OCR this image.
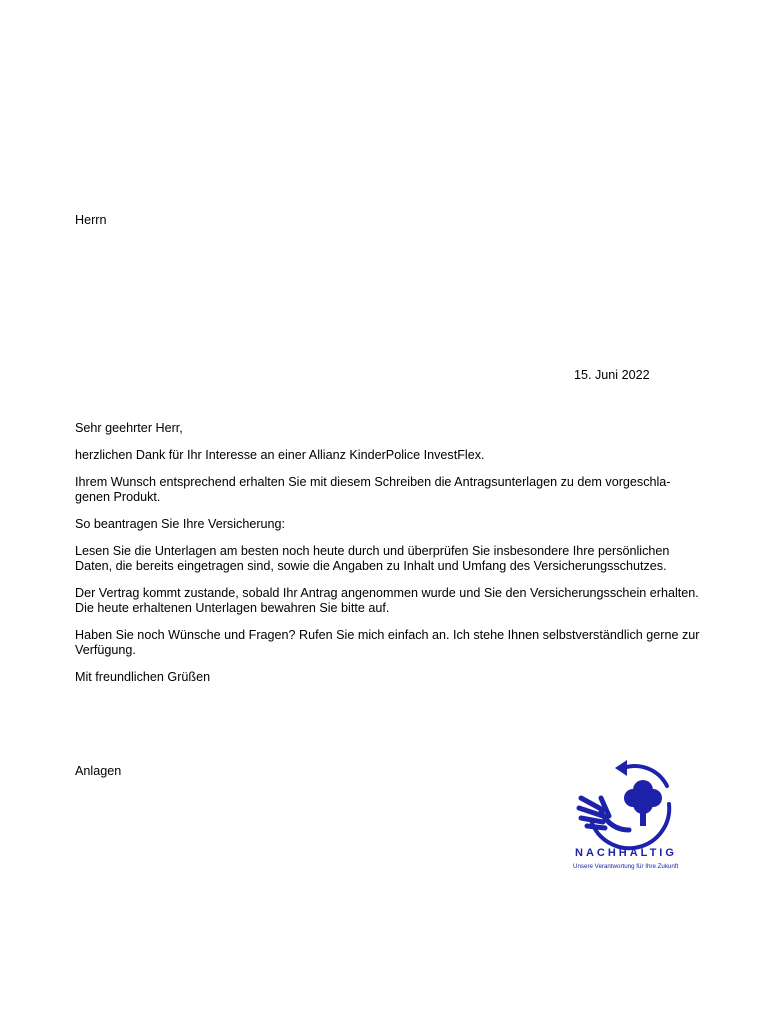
Herrn
15. Juni 2022

Sehr geehrter Herr,

herzlichen Dank für Ihr Interesse an einer Allianz KinderPolice InvestFlex.

Ihrem Wunsch entsprechend erhalten Sie mit diesem Schreiben die Antragsunterlagen zu dem vorgeschla-genen Produkt.

So beantragen Sie Ihre Versicherung:

Lesen Sie die Unterlagen am besten noch heute durch und überprüfen Sie insbesondere Ihre persönlichen Daten, die bereits eingetragen sind, sowie die Angaben zu Inhalt und Umfang des Versicherungsschutzes.

Der Vertrag kommt zustande, sobald Ihr Antrag angenommen wurde und Sie den Versicherungsschein erhalten. Die heute erhaltenen Unterlagen bewahren Sie bitte auf.

Haben Sie noch Wünsche und Fragen? Rufen Sie mich einfach an. Ich stehe Ihnen selbstverständlich gerne zur Verfügung.

Mit freundlichen Grüßen

Anlagen
NACHHALTIG
Unsere Verantwortung für Ihre Zukunft
